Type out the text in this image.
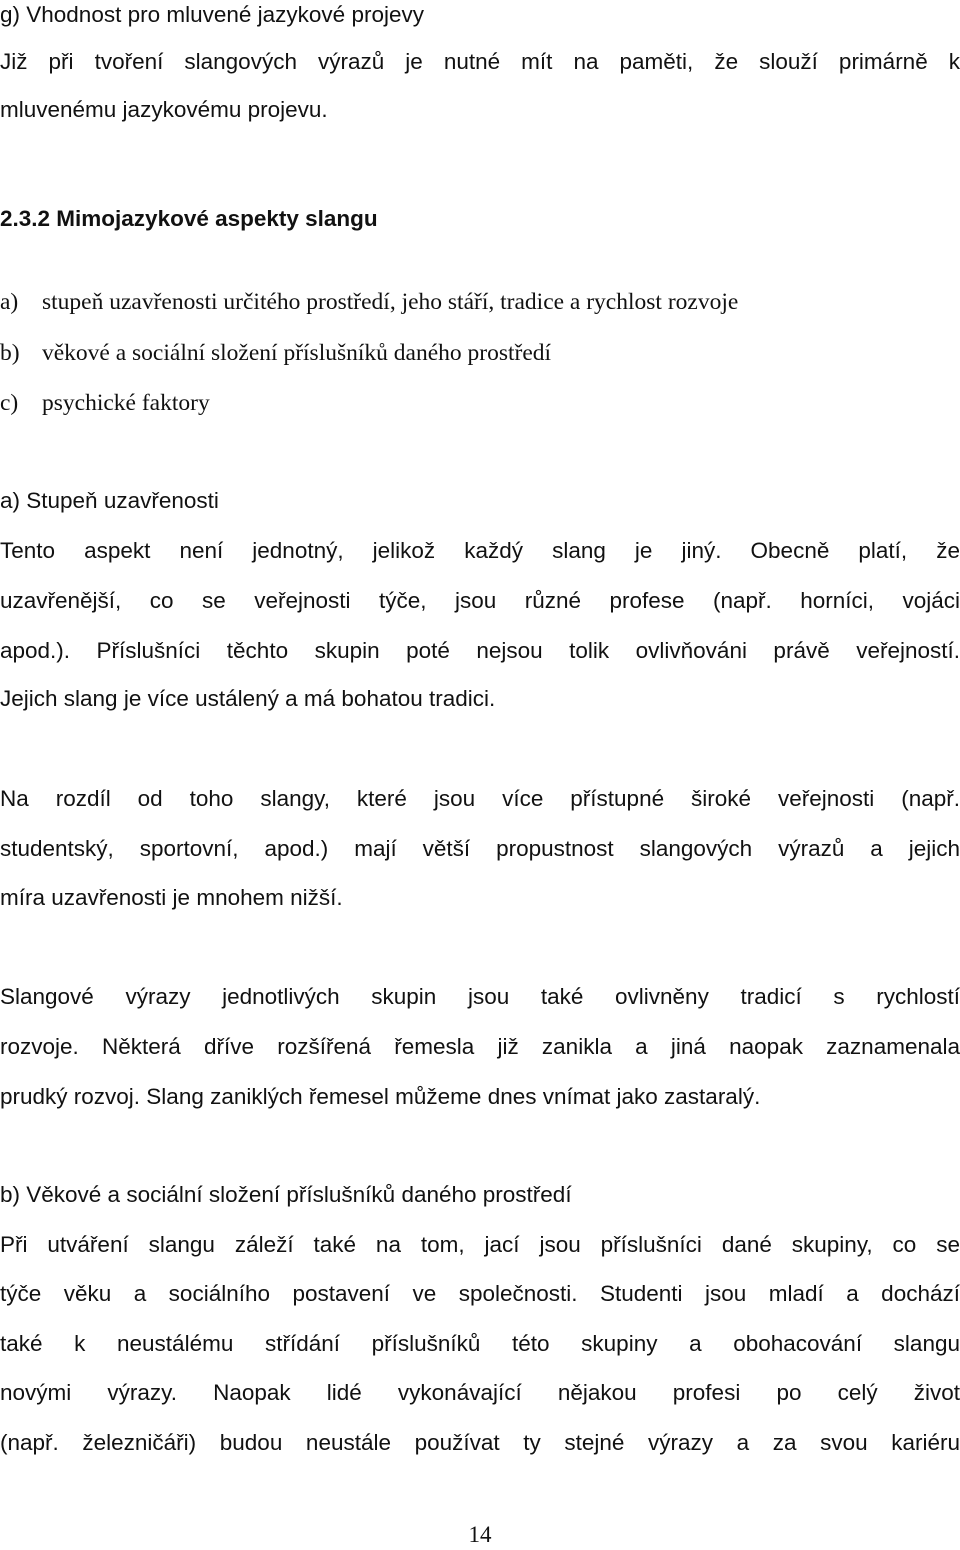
g) Vhodnost pro mluvené jazykové projevy
Již při tvoření slangových výrazů je nutné mít na paměti, že slouží primárně k
mluvenému jazykovému projevu.
2.3.2 Mimojazykové aspekty slangu
a) stupeň uzavřenosti určitého prostředí, jeho stáří, tradice a rychlost rozvoje
b) věkové a sociální složení příslušníků daného prostředí
c) psychické faktory
a) Stupeň uzavřenosti
Tento aspekt není jednotný, jelikož každý slang je jiný. Obecně platí, že
uzavřenější, co se veřejnosti týče, jsou různé profese (např. horníci, vojáci
apod.). Příslušníci těchto skupin poté nejsou tolik ovlivňováni právě veřejností.
Jejich slang je více ustálený a má bohatou tradici.
Na rozdíl od toho slangy, které jsou více přístupné široké veřejnosti (např.
studentský, sportovní, apod.) mají větší propustnost slangových výrazů a jejich
míra uzavřenosti je mnohem nižší.
Slangové výrazy jednotlivých skupin jsou také ovlivněny tradicí s rychlostí
rozvoje. Některá dříve rozšířená řemesla již zanikla a jiná naopak zaznamenala
prudký rozvoj. Slang zaniklých řemesel můžeme dnes vnímat jako zastaralý.
b) Věkové a sociální složení příslušníků daného prostředí
Při utváření slangu záleží také na tom, jací jsou příslušníci dané skupiny, co se
týče věku a sociálního postavení ve společnosti. Studenti jsou mladí a dochází
také k neustálému střídání příslušníků této skupiny a obohacování slangu
novými výrazy. Naopak lidé vykonávající nějakou profesi po celý život
(např. železničáři) budou neustále používat ty stejné výrazy a za svou kariéru
14
